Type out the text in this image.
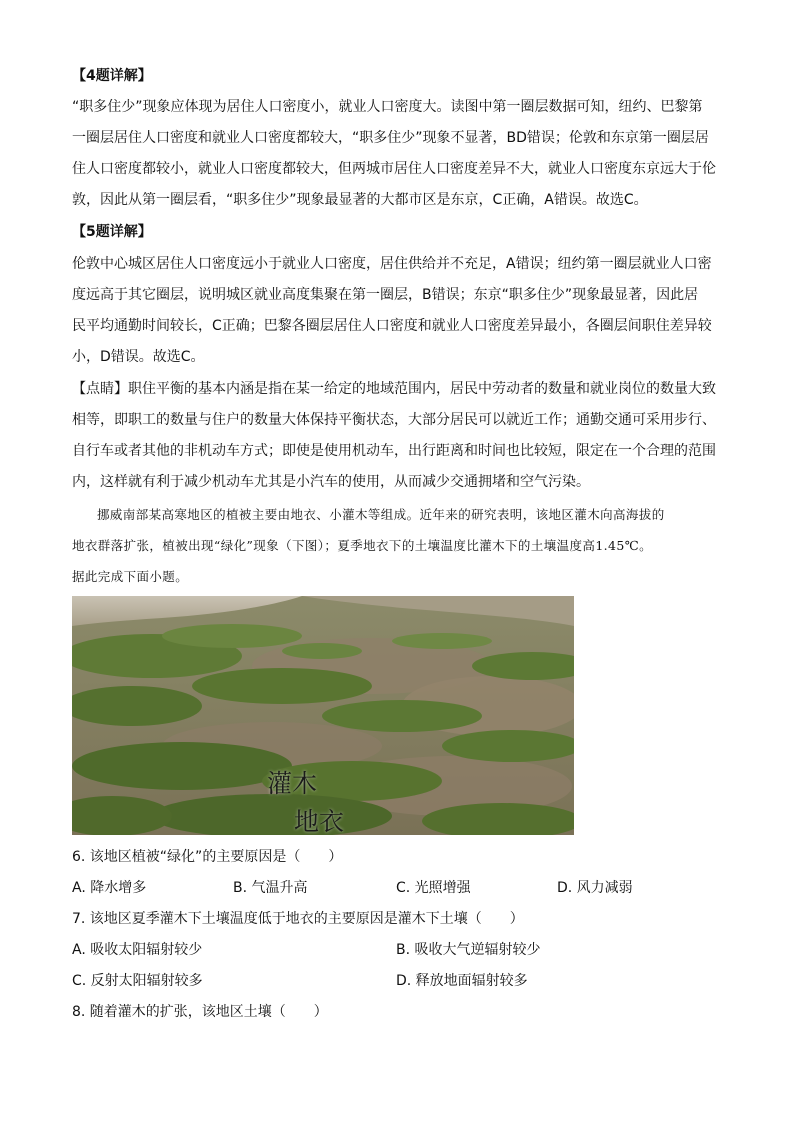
【4题详解】

“职多住少”现象应体现为居住人口密度小，就业人口密度大。读图中第一圈层数据可知，纽约、巴黎第

一圈层居住人口密度和就业人口密度都较大，“职多住少”现象不显著，BD错误；伦敦和东京第一圈层居

住人口密度都较小，就业人口密度都较大，但两城市居住人口密度差异不大，就业人口密度东京远大于伦

敦，因此从第一圈层看，“职多住少”现象最显著的大都市区是东京，C正确，A错误。故选C。

【5题详解】

伦敦中心城区居住人口密度远小于就业人口密度，居住供给并不充足，A错误；纽约第一圈层就业人口密

度远高于其它圈层，说明城区就业高度集聚在第一圈层，B错误；东京“职多住少”现象最显著，因此居

民平均通勤时间较长，C正确；巴黎各圈层居住人口密度和就业人口密度差异最小，各圈层间职住差异较

小，D错误。故选C。

【点睛】职住平衡的基本内涵是指在某一给定的地域范围内，居民中劳动者的数量和就业岗位的数量大致

相等，即职工的数量与住户的数量大体保持平衡状态，大部分居民可以就近工作；通勤交通可采用步行、

自行车或者其他的非机动车方式；即使是使用机动车，出行距离和时间也比较短，限定在一个合理的范围

内，这样就有利于减少机动车尤其是小汽车的使用，从而减少交通拥堵和空气污染。

挪威南部某高寒地区的植被主要由地衣、小灌木等组成。近年来的研究表明，该地区灌木向高海拔的

地衣群落扩张，植被出现“绿化”现象（下图）；夏季地衣下的土壤温度比灌木下的土壤温度高1.45℃。

据此完成下面小题。

灌木
地衣

6. 该地区植被“绿化”的主要原因是（　　）

A. 降水增多	B. 气温升高	C. 光照增强	D. 风力减弱

7. 该地区夏季灌木下土壤温度低于地衣的主要原因是灌木下土壤（　　）

A. 吸收太阳辐射较少	B. 吸收大气逆辐射较少
C. 反射太阳辐射较多	D. 释放地面辐射较多

8. 随着灌木的扩张，该地区土壤（　　）
